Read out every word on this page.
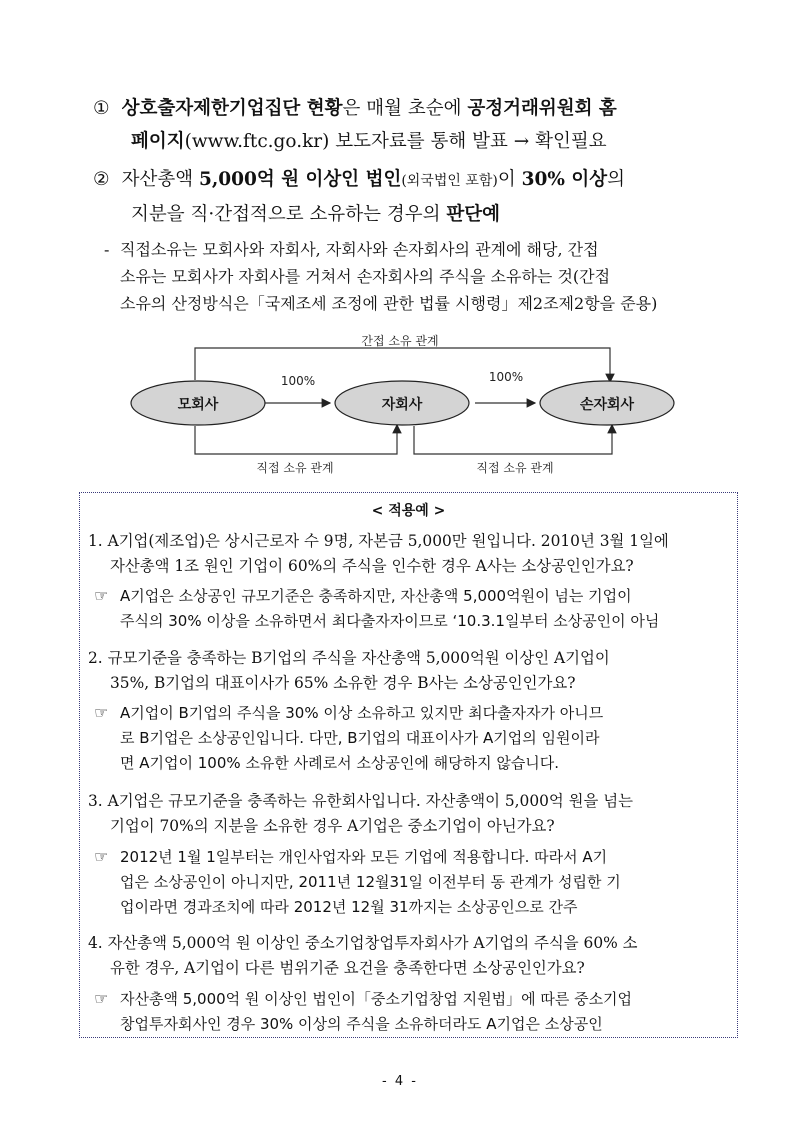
① 상호출자제한기업집단 현황은 매월 초순에 공정거래위원회 홈
페이지(www.ftc.go.kr) 보도자료를 통해 발표 → 확인필요
② 자산총액 5,000억 원 이상인 법인(외국법인 포함)이 30% 이상의
지분을 직·간접적으로 소유하는 경우의 판단예
- 직접소유는 모회사와 자회사, 자회사와 손자회사의 관계에 해당, 간접
소유는 모회사가 자회사를 거쳐서 손자회사의 주식을 소유하는 것(간접
소유의 산정방식은「국제조세 조정에 관한 법률 시행령」제2조제2항을 준용)
모회사	자회사	손자회사
간접 소유 관계
100%	100%
직접 소유 관계	직접 소유 관계
< 적용예 >
1. A기업(제조업)은 상시근로자 수 9명, 자본금 5,000만 원입니다. 2010년 3월 1일에
자산총액 1조 원인 기업이 60%의 주식을 인수한 경우 A사는 소상공인인가요?
☞ A기업은 소상공인 규모기준은 충족하지만, 자산총액 5,000억원이 넘는 기업이
주식의 30% 이상을 소유하면서 최다출자자이므로 ‘10.3.1일부터 소상공인이 아님
2. 규모기준을 충족하는 B기업의 주식을 자산총액 5,000억원 이상인 A기업이
35%, B기업의 대표이사가 65% 소유한 경우 B사는 소상공인인가요?
☞ A기업이 B기업의 주식을 30% 이상 소유하고 있지만 최다출자자가 아니므
로 B기업은 소상공인입니다. 다만, B기업의 대표이사가 A기업의 임원이라
면 A기업이 100% 소유한 사례로서 소상공인에 해당하지 않습니다.
3. A기업은 규모기준을 충족하는 유한회사입니다. 자산총액이 5,000억 원을 넘는
기업이 70%의 지분을 소유한 경우 A기업은 중소기업이 아닌가요?
☞ 2012년 1월 1일부터는 개인사업자와 모든 기업에 적용합니다. 따라서 A기
업은 소상공인이 아니지만, 2011년 12월31일 이전부터 동 관계가 성립한 기
업이라면 경과조치에 따라 2012년 12월 31까지는 소상공인으로 간주
4. 자산총액 5,000억 원 이상인 중소기업창업투자회사가 A기업의 주식을 60% 소
유한 경우, A기업이 다른 범위기준 요건을 충족한다면 소상공인인가요?
☞ 자산총액 5,000억 원 이상인 법인이「중소기업창업 지원법」에 따른 중소기업
창업투자회사인 경우 30% 이상의 주식을 소유하더라도 A기업은 소상공인
- 4 -
